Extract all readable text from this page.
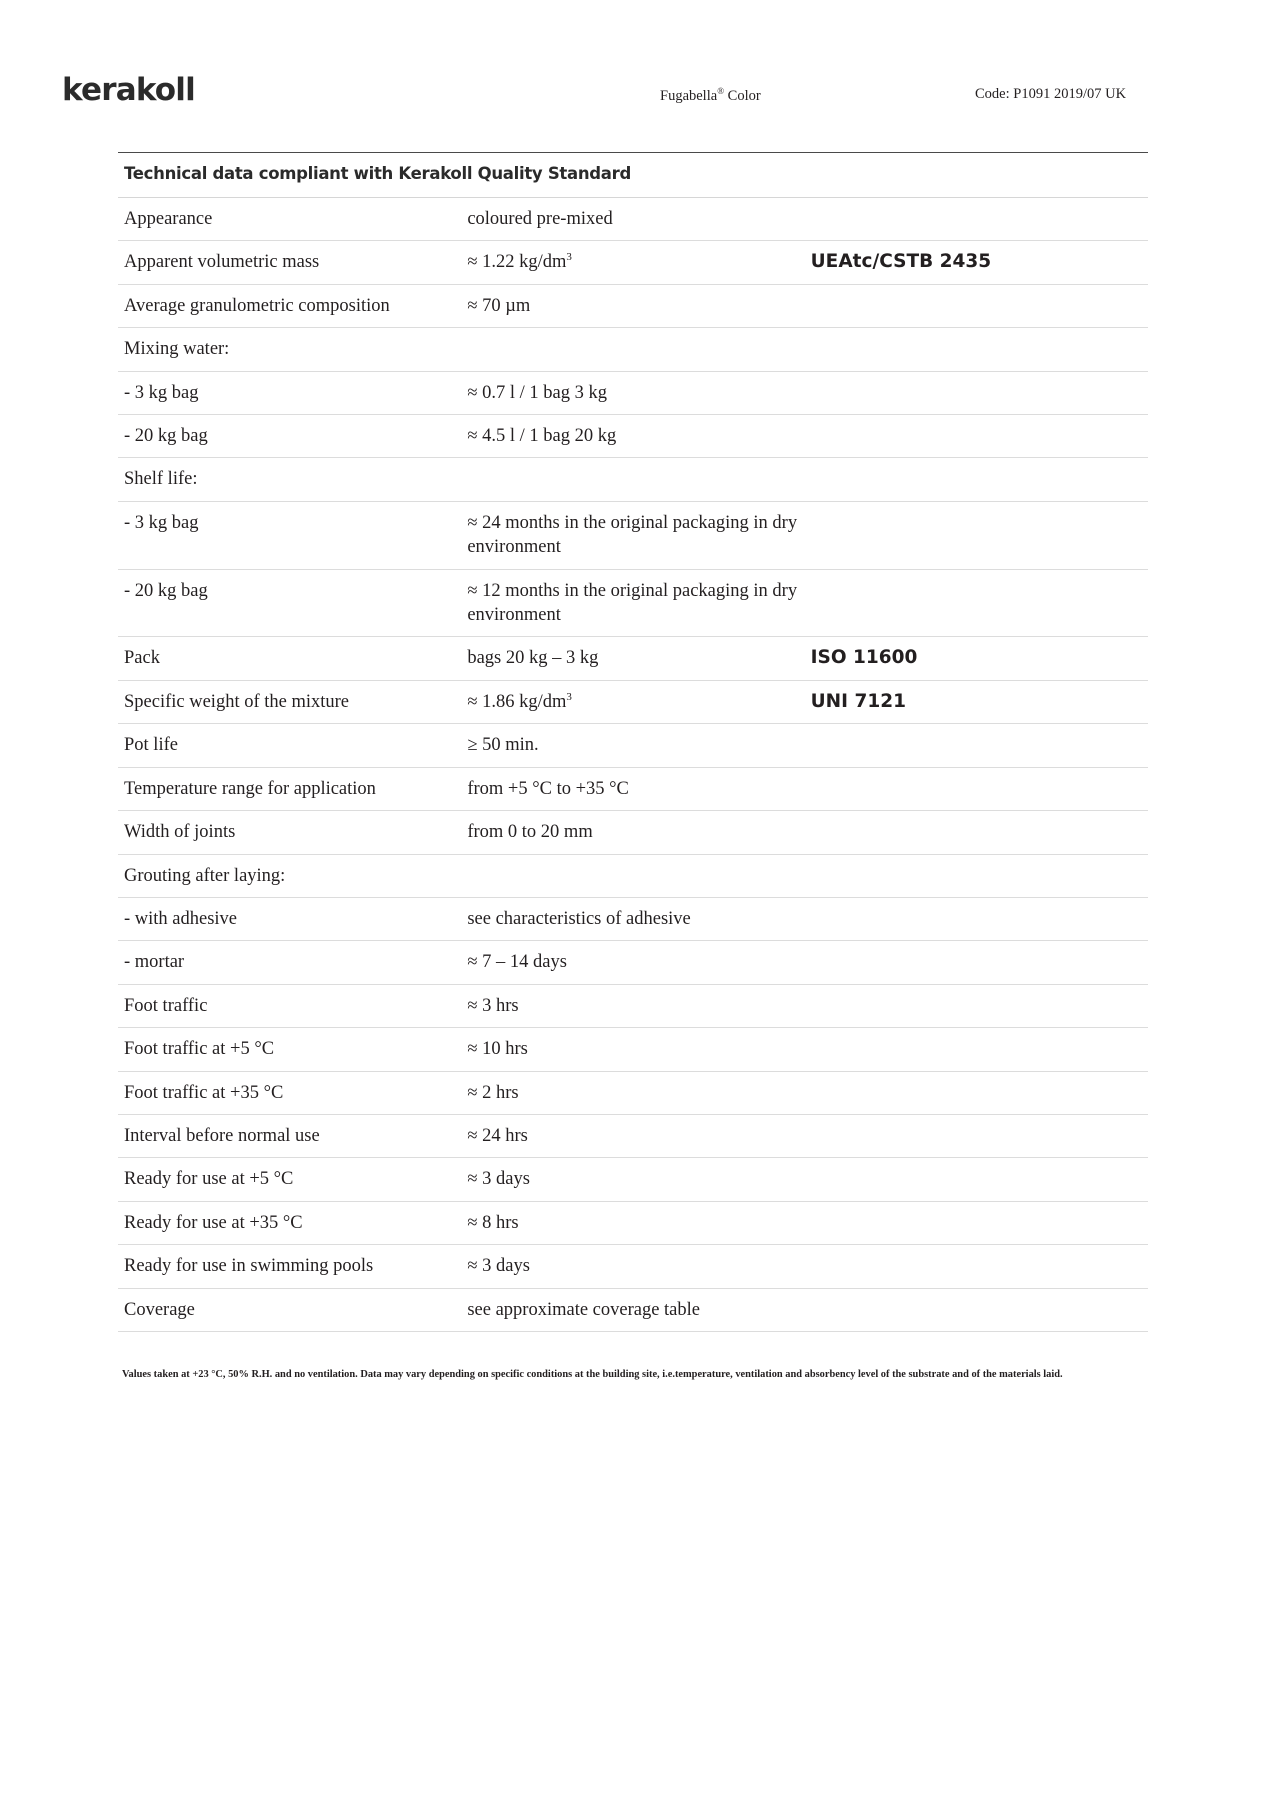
kerakoll	Fugabella® Color	Code: P1091 2019/07 UK
Technical data compliant with Kerakoll Quality Standard		
Appearance	coloured pre-mixed	
Apparent volumetric mass	≈ 1.22 $kg/dm^3$	UEAtc/CSTB 2435
Average granulometric composition	≈ 70 µm	
Mixing water:		
- 3 kg bag	≈ 0.7 l / 1 bag 3 kg	
- 20 kg bag	≈ 4.5 l / 1 bag 20 kg	
Shelf life:		
- 3 kg bag	≈ 24 months in the original packaging in dry environment	
- 20 kg bag	≈ 12 months in the original packaging in dry environment	
Pack	bags 20 kg – 3 kg	ISO 11600
Specific weight of the mixture	≈ 1.86 $kg/dm^3$	UNI 7121
Pot life	≥ 50 min.	
Temperature range for application	from +5 °C to +35 °C	
Width of joints	from 0 to 20 mm	
Grouting after laying:		
- with adhesive	see characteristics of adhesive	
- mortar	≈ 7 – 14 days	
Foot traffic	≈ 3 hrs	
Foot traffic at +5 °C	≈ 10 hrs	
Foot traffic at +35 °C	≈ 2 hrs	
Interval before normal use	≈ 24 hrs	
Ready for use at +5 °C	≈ 3 days	
Ready for use at +35 °C	≈ 8 hrs	
Ready for use in swimming pools	≈ 3 days	
Coverage	see approximate coverage table	
Values taken at +23 °C, 50% R.H. and no ventilation. Data may vary depending on specific conditions at the building site, i.e.temperature, ventilation and absorbency level of the substrate and of the materials laid.
